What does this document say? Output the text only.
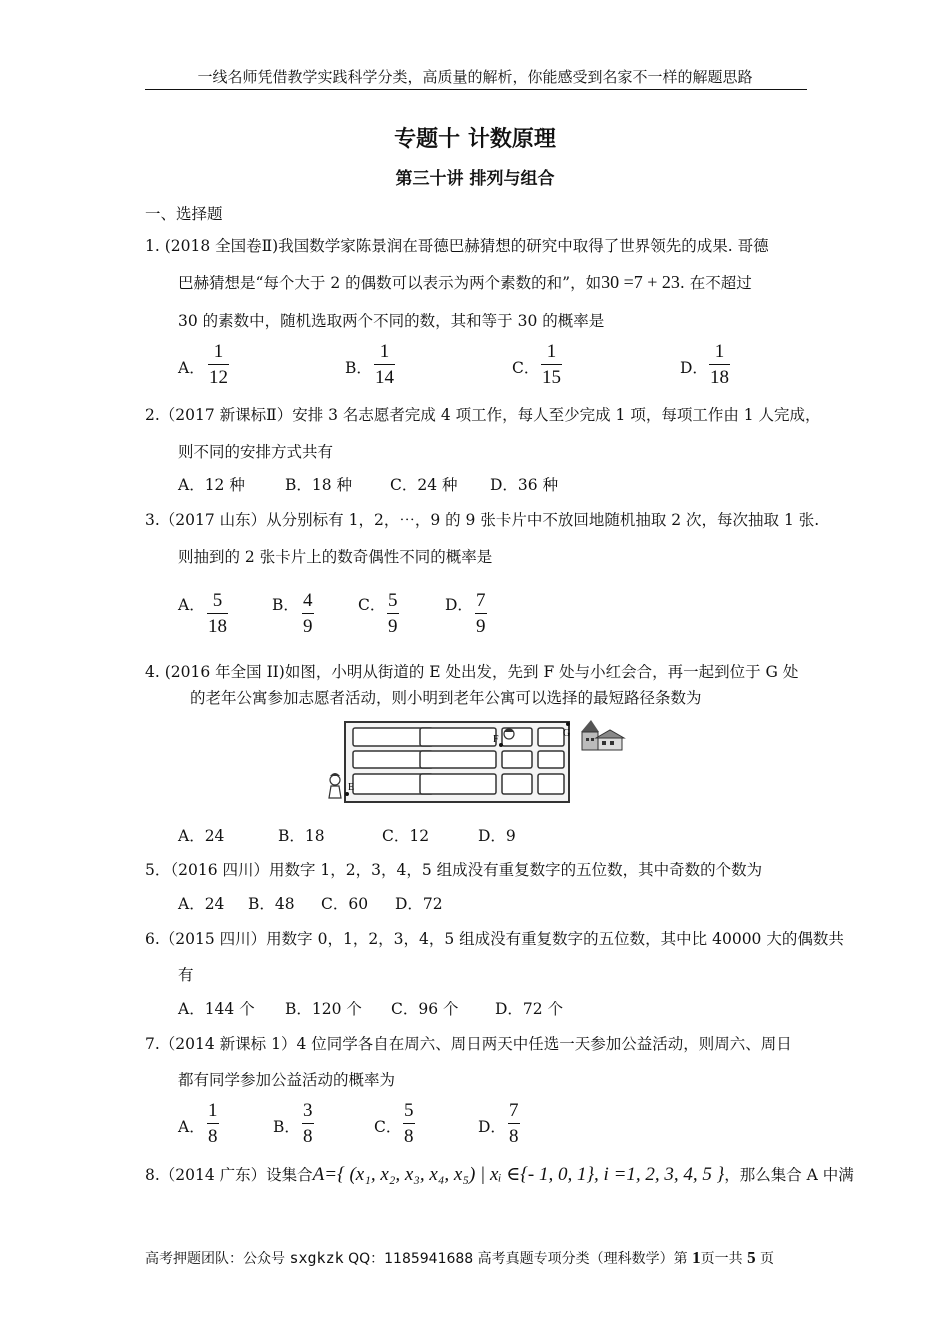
一线名师凭借教学实践科学分类，高质量的解析，你能感受到名家不一样的解题思路
专题十 计数原理
第三十讲 排列与组合
一、选择题
1. (2018 全国卷Ⅱ)我国数学家陈景润在哥德巴赫猜想的研究中取得了世界领先的成果. 哥德
巴赫猜想是“每个大于 2 的偶数可以表示为两个素数的和”，如30 =7 + 23. 在不超过
30 的素数中，随机选取两个不同的数，其和等于 30 的概率是
A．
1
12	B．
1
14	C．
1
15	D．
1
18
2.（2017 新课标Ⅱ）安排 3 名志愿者完成 4 项工作，每人至少完成 1 项，每项工作由 1 人完成，
则不同的安排方式共有
A．12 种	B．18 种 C．24 种 D．36 种
3.（2017 山东）从分别标有 1，2，⋯，9 的 9 张卡片中不放回地随机抽取 2 次，每次抽取 1 张.
则抽到的 2 张卡片上的数奇偶性不同的概率是
A． 5
18
B． 4
9
C． 5
9
D． 7
9
4. (2016 年全国 II)如图，小明从街道的 E 处出发，先到 F 处与小红会合，再一起到位于 G 处
的老年公寓参加志愿者活动，则小明到老年公寓可以选择的最短路径条数为
E
F
G
A．24	B．18	C．12	D．9
5．（2016 四川）用数字 1，2，3，4，5 组成没有重复数字的五位数，其中奇数的个数为
A．24 B．48 C．60 D．72
6.（2015 四川）用数字 0，1，2，3，4，5 组成没有重复数字的五位数，其中比 40000 大的偶数共
有
A．144 个 B．120 个 C．96 个 D．72 个
7.（2014 新课标 1）4 位同学各自在周六、周日两天中任选一天参加公益活动，则周六、周日
都有同学参加公益活动的概率为
A．
1
8	B．
3
8	C．
5
8	D．
7
8
8.（2014 广东）设集合A={ (x₁, x₂, x₃, x₄, x₅) | xᵢ ∈{- 1, 0, 1}, i =1, 2, 3, 4, 5 }，那么集合 A 中满
高考押题团队：公众号 sxgkzk QQ：1185941688 高考真题专项分类（理科数学）第 1页一共 5 页
